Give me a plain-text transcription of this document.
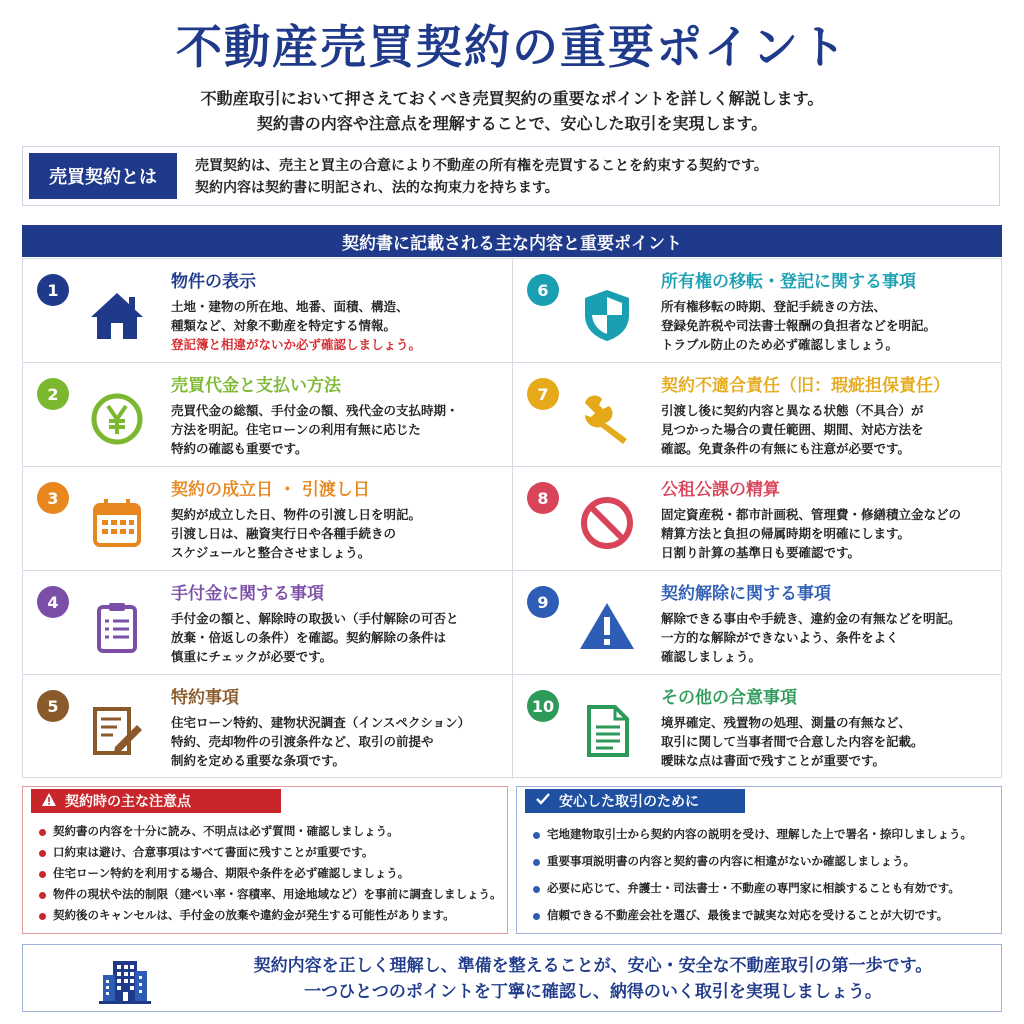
不動産売買契約の重要ポイント
不動産取引において押さえておくべき売買契約の重要なポイントを詳しく解説します。
契約書の内容や注意点を理解することで、安心した取引を実現します。
売買契約とは
売買契約は、売主と買主の合意により不動産の所有権を売買することを約束する契約です。
契約内容は契約書に明記され、法的な拘束力を持ちます。
契約書に記載される主な内容と重要ポイント
1	物件の表示
土地・建物の所在地、地番、面積、構造、
種類など、対象不動産を特定する情報。
登記簿と相違がないか必ず確認しましょう。
2	売買代金と支払い方法
売買代金の総額、手付金の額、残代金の支払時期・
方法を明記。住宅ローンの利用有無に応じた
特約の確認も重要です。
3	契約の成立日 ・ 引渡し日
契約が成立した日、物件の引渡し日を明記。
引渡し日は、融資実行日や各種手続きの
スケジュールと整合させましょう。
4	手付金に関する事項
手付金の額と、解除時の取扱い（手付解除の可否と
放棄・倍返しの条件）を確認。契約解除の条件は
慎重にチェックが必要です。
5	特約事項
住宅ローン特約、建物状況調査（インスペクション）
特約、売却物件の引渡条件など、取引の前提や
制約を定める重要な条項です。
6	所有権の移転・登記に関する事項
所有権移転の時期、登記手続きの方法、
登録免許税や司法書士報酬の負担者などを明記。
トラブル防止のため必ず確認しましょう。
7	契約不適合責任（旧：瑕疵担保責任）
引渡し後に契約内容と異なる状態（不具合）が
見つかった場合の責任範囲、期間、対応方法を
確認。免責条件の有無にも注意が必要です。
8	公租公課の精算
固定資産税・都市計画税、管理費・修繕積立金などの
精算方法と負担の帰属時期を明確にします。
日割り計算の基準日も要確認です。
9	契約解除に関する事項
解除できる事由や手続き、違約金の有無などを明記。
一方的な解除ができないよう、条件をよく
確認しましょう。
10	その他の合意事項
境界確定、残置物の処理、測量の有無など、
取引に関して当事者間で合意した内容を記載。
曖昧な点は書面で残すことが重要です。
契約時の主な注意点
契約書の内容を十分に読み、不明点は必ず質問・確認しましょう。
口約束は避け、合意事項はすべて書面に残すことが重要です。
住宅ローン特約を利用する場合、期限や条件を必ず確認しましょう。
物件の現状や法的制限（建ぺい率・容積率、用途地域など）を事前に調査しましょう。
契約後のキャンセルは、手付金の放棄や違約金が発生する可能性があります。
安心した取引のために
宅地建物取引士から契約内容の説明を受け、理解した上で署名・捺印しましょう。
重要事項説明書の内容と契約書の内容に相違がないか確認しましょう。
必要に応じて、弁護士・司法書士・不動産の専門家に相談することも有効です。
信頼できる不動産会社を選び、最後まで誠実な対応を受けることが大切です。
契約内容を正しく理解し、準備を整えることが、安心・安全な不動産取引の第一歩です。
一つひとつのポイントを丁寧に確認し、納得のいく取引を実現しましょう。
